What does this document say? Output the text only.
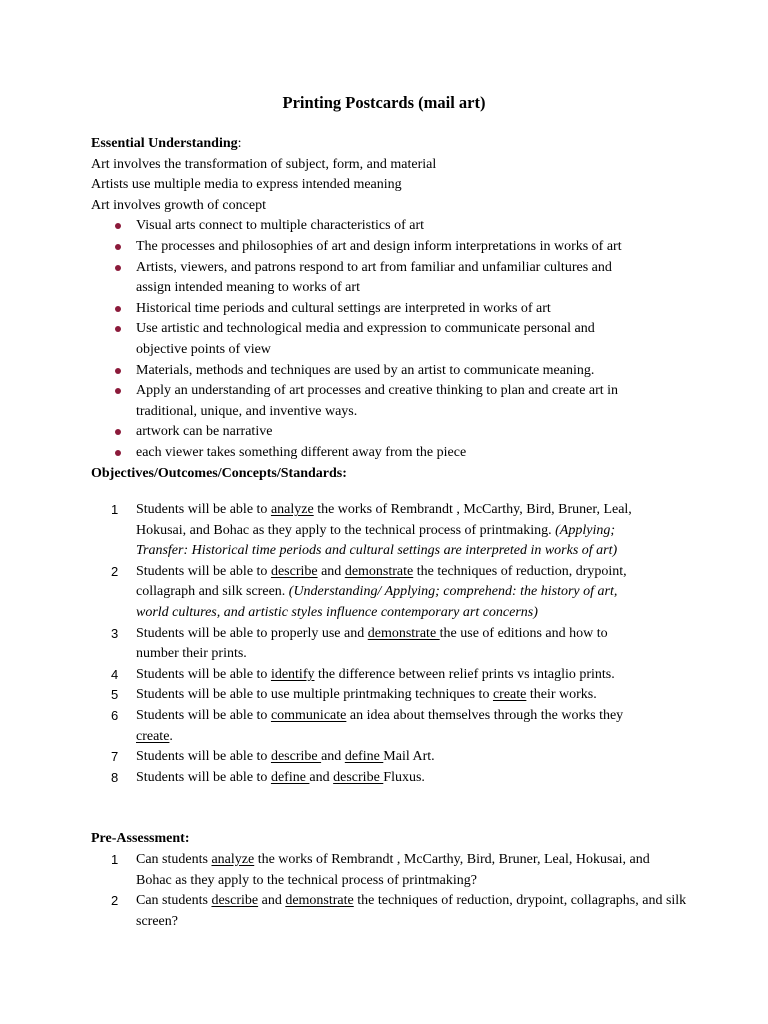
Printing Postcards (mail art)
Essential Understanding:
Art involves the transformation of subject, form, and material
Artists use multiple media to express intended meaning
Art involves growth of concept
Visual arts connect to multiple characteristics of art
The processes and philosophies of art and design inform interpretations in works of art
Artists, viewers, and patrons respond to art from familiar and unfamiliar cultures and assign intended meaning to works of art
Historical time periods and cultural settings are interpreted in works of art
Use artistic and technological media and expression to communicate personal and objective points of view
Materials, methods and techniques are used by an artist to communicate meaning.
Apply an understanding of art processes and creative thinking to plan and create art in traditional, unique, and inventive ways.
artwork can be narrative
each viewer takes something different away from the piece
Objectives/Outcomes/Concepts/Standards:
1 Students will be able to analyze the works of Rembrandt , McCarthy, Bird, Bruner, Leal, Hokusai, and Bohac as they apply to the technical process of printmaking. (Applying; Transfer: Historical time periods and cultural settings are interpreted in works of art)
2 Students will be able to describe and demonstrate the techniques of reduction, drypoint, collagraph and silk screen. (Understanding/ Applying; comprehend: the history of art, world cultures, and artistic styles influence contemporary art concerns)
3 Students will be able to properly use and demonstrate the use of editions and how to number their prints.
4 Students will be able to identify the difference between relief prints vs intaglio prints.
5 Students will be able to use multiple printmaking techniques to create their works.
6 Students will be able to communicate an idea about themselves through the works they create.
7 Students will be able to describe and define Mail Art.
8 Students will be able to define and describe Fluxus.
Pre-Assessment:
1 Can students analyze the works of Rembrandt , McCarthy, Bird, Bruner, Leal, Hokusai, and Bohac as they apply to the technical process of printmaking?
2 Can students describe and demonstrate the techniques of reduction, drypoint, collagraphs, and silk screen?
